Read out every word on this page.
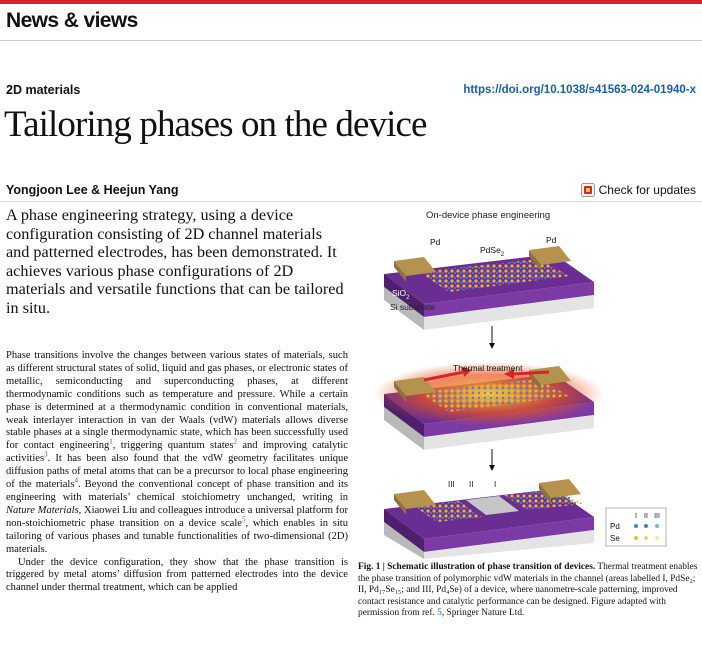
News & views
2D materials	https://doi.org/10.1038/s41563-024-01940-x
Tailoring phases on the device
Yongjoon Lee & Heejun Yang	Check for updates
A phase engineering strategy, using a device configuration consisting of 2D channel materials and patterned electrodes, has been demonstrated. It achieves various phase configurations of 2D materials and versatile functions that can be tailored in situ.

Phase transitions involve the changes between various states of materials, such as different structural states of solid, liquid and gas phases, or electronic states of metallic, semiconducting and superconducting phases, at different thermodynamic conditions such as temperature and pressure. While a certain phase is determined at a thermodynamic condition in conventional materials, weak interlayer interaction in van der Waals (vdW) materials allows diverse stable phases at a single thermodynamic state, which has been successfully used for contact engineering$^1$, triggering quantum states$^2$ and improving catalytic activities$^3$. It has been also found that the vdW geometry facilitates unique diffusion paths of metal atoms that can be a precursor to local phase engineering of the materials$^4$. Beyond the conventional concept of phase transition and its engineering with materials’ chemical stoichiometry unchanged, writing in Nature Materials, Xiaowei Liu and colleagues introduce a universal platform for non-stoichiometric phase transition on a device scale$^5$, which enables in situ tailoring of various phases and tunable functionalities of two-dimensional (2D) materials.

Under the device configuration, they show that the phase transition is triggered by metal atoms’ diffusion from patterned electrodes into the device channel under thermal treatment, which can be applied

On-device phase engineering
Pd	Pd
PdSe$_2$
SiO$_2$
Si substrate
Thermal treatment
III II	I
I II III
Pd
Se
Fig. 1 | Schematic illustration of phase transition of devices. Thermal treatment enables the phase transition of polymorphic vdW materials in the channel (areas labelled I, PdSe₂; II, Pd₁₇Se₁₅; and III, Pd₄Se) of a device, where nanometre-scale patterning, improved contact resistance and catalytic performance can be designed. Figure adapted with permission from ref. 5, Springer Nature Ltd.
